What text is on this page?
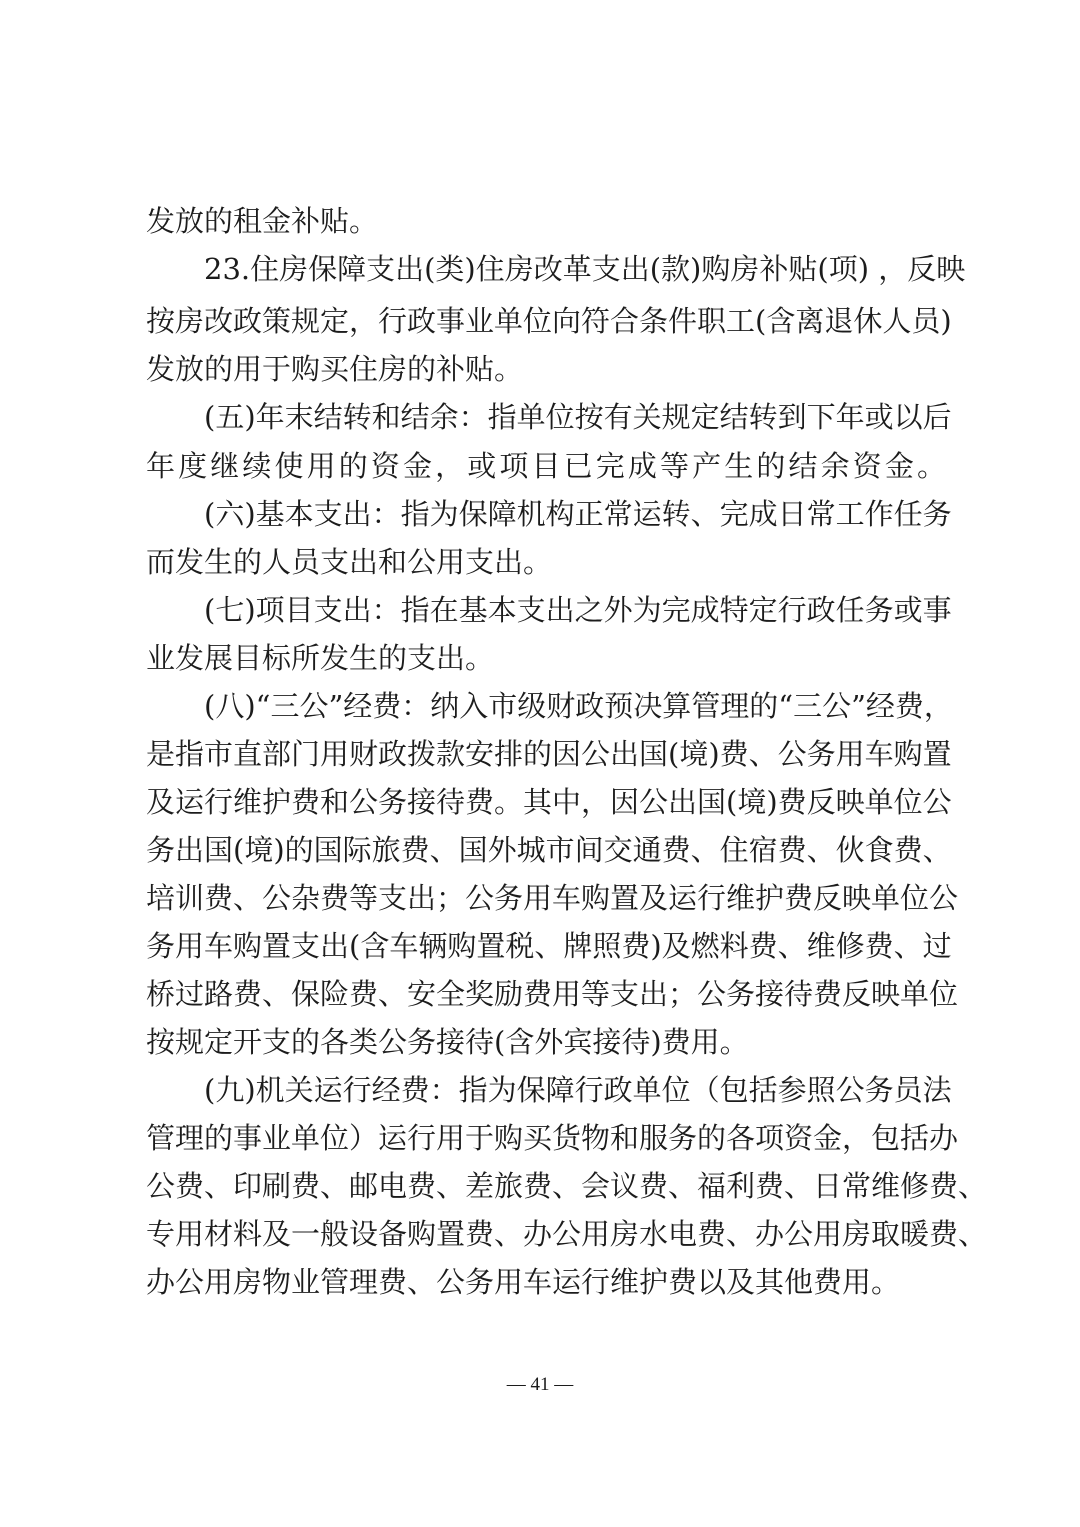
发放的租金补贴。
23.住房保障支出(类)住房改革支出(款)购房补贴(项) ，反映
按房改政策规定，行政事业单位向符合条件职工(含离退休人员)
发放的用于购买住房的补贴。
(五)年末结转和结余：指单位按有关规定结转到下年或以后
年度继续使用的资金，或项目已完成等产生的结余资金。
(六)基本支出：指为保障机构正常运转、完成日常工作任务
而发生的人员支出和公用支出。
(七)项目支出：指在基本支出之外为完成特定行政任务或事
业发展目标所发生的支出。
(八)“三公”经费：纳入市级财政预决算管理的“三公”经费，
是指市直部门用财政拨款安排的因公出国(境)费、公务用车购置
及运行维护费和公务接待费。其中，因公出国(境)费反映单位公
务出国(境)的国际旅费、国外城市间交通费、住宿费、伙食费、
培训费、公杂费等支出；公务用车购置及运行维护费反映单位公
务用车购置支出(含车辆购置税、牌照费)及燃料费、维修费、过
桥过路费、保险费、安全奖励费用等支出；公务接待费反映单位
按规定开支的各类公务接待(含外宾接待)费用。
(九)机关运行经费：指为保障行政单位（包括参照公务员法
管理的事业单位）运行用于购买货物和服务的各项资金，包括办
公费、印刷费、邮电费、差旅费、会议费、福利费、日常维修费、
专用材料及一般设备购置费、办公用房水电费、办公用房取暖费、
办公用房物业管理费、公务用车运行维护费以及其他费用。
— 41 —
